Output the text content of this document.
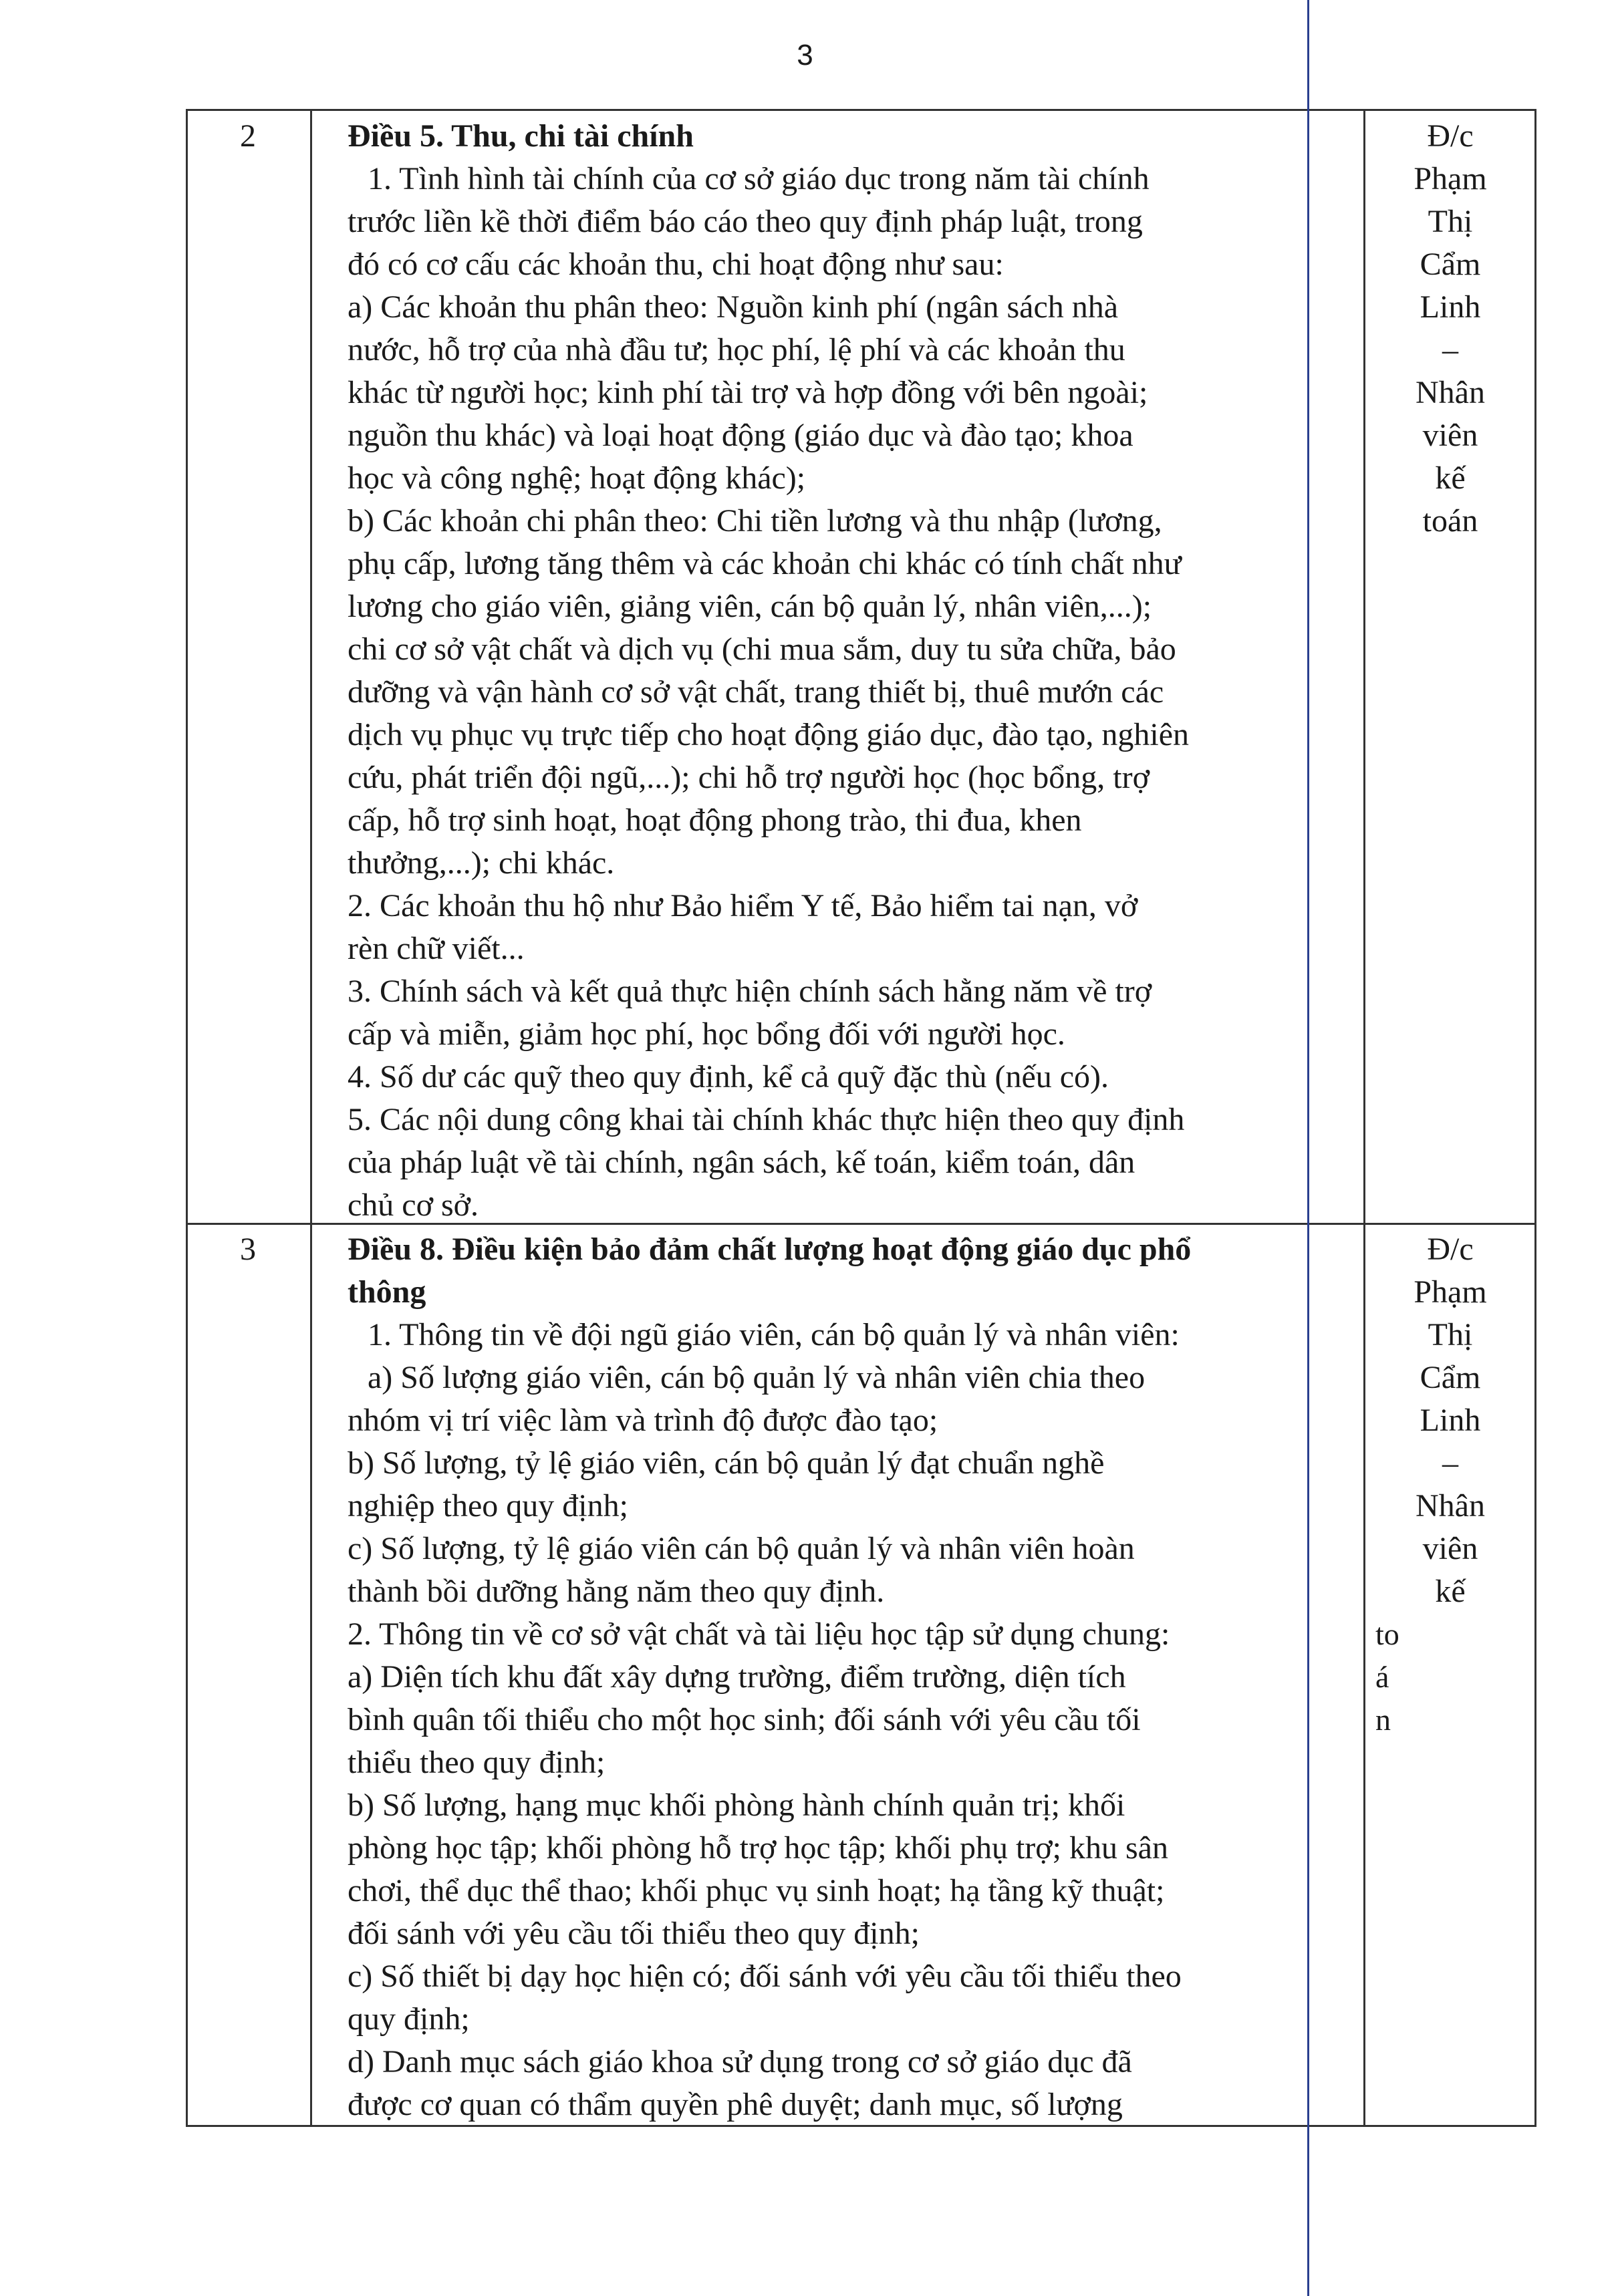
3
2	Điều 5. Thu, chi tài chính
1. Tình hình tài chính của cơ sở giáo dục trong năm tài chính
trước liền kề thời điểm báo cáo theo quy định pháp luật, trong
đó có cơ cấu các khoản thu, chi hoạt động như sau:
a) Các khoản thu phân theo: Nguồn kinh phí (ngân sách nhà
nước, hỗ trợ của nhà đầu tư; học phí, lệ phí và các khoản thu
khác từ người học; kinh phí tài trợ và hợp đồng với bên ngoài;
nguồn thu khác) và loại hoạt động (giáo dục và đào tạo; khoa
học và công nghệ; hoạt động khác);
b) Các khoản chi phân theo: Chi tiền lương và thu nhập (lương,
phụ cấp, lương tăng thêm và các khoản chi khác có tính chất như
lương cho giáo viên, giảng viên, cán bộ quản lý, nhân viên,...);
chi cơ sở vật chất và dịch vụ (chi mua sắm, duy tu sửa chữa, bảo
dưỡng và vận hành cơ sở vật chất, trang thiết bị, thuê mướn các
dịch vụ phục vụ trực tiếp cho hoạt động giáo dục, đào tạo, nghiên
cứu, phát triển đội ngũ,...); chi hỗ trợ người học (học bổng, trợ
cấp, hỗ trợ sinh hoạt, hoạt động phong trào, thi đua, khen
thưởng,...); chi khác.
2. Các khoản thu hộ như Bảo hiểm Y tế, Bảo hiểm tai nạn, vở
rèn chữ viết...
3. Chính sách và kết quả thực hiện chính sách hằng năm về trợ
cấp và miễn, giảm học phí, học bổng đối với người học.
4. Số dư các quỹ theo quy định, kể cả quỹ đặc thù (nếu có).
5. Các nội dung công khai tài chính khác thực hiện theo quy định
của pháp luật về tài chính, ngân sách, kế toán, kiểm toán, dân
chủ cơ sở.
Đ/c
Phạm
Thị
Cẩm
Linh
–
Nhân
viên
kế
toán
3	Điều 8. Điều kiện bảo đảm chất lượng hoạt động giáo dục phổ
thông
1. Thông tin về đội ngũ giáo viên, cán bộ quản lý và nhân viên:
a) Số lượng giáo viên, cán bộ quản lý và nhân viên chia theo
nhóm vị trí việc làm và trình độ được đào tạo;
b) Số lượng, tỷ lệ giáo viên, cán bộ quản lý đạt chuẩn nghề
nghiệp theo quy định;
c) Số lượng, tỷ lệ giáo viên cán bộ quản lý và nhân viên hoàn
thành bồi dưỡng hằng năm theo quy định.
2. Thông tin về cơ sở vật chất và tài liệu học tập sử dụng chung:
a) Diện tích khu đất xây dựng trường, điểm trường, diện tích
bình quân tối thiểu cho một học sinh; đối sánh với yêu cầu tối
thiểu theo quy định;
b) Số lượng, hạng mục khối phòng hành chính quản trị; khối
phòng học tập; khối phòng hỗ trợ học tập; khối phụ trợ; khu sân
chơi, thể dục thể thao; khối phục vụ sinh hoạt; hạ tầng kỹ thuật;
đối sánh với yêu cầu tối thiểu theo quy định;
c) Số thiết bị dạy học hiện có; đối sánh với yêu cầu tối thiểu theo
quy định;
d) Danh mục sách giáo khoa sử dụng trong cơ sở giáo dục đã
được cơ quan có thẩm quyền phê duyệt; danh mục, số lượng
Đ/c
Phạm
Thị
Cẩm
Linh
–
Nhân
viên
kế
to
á
n
